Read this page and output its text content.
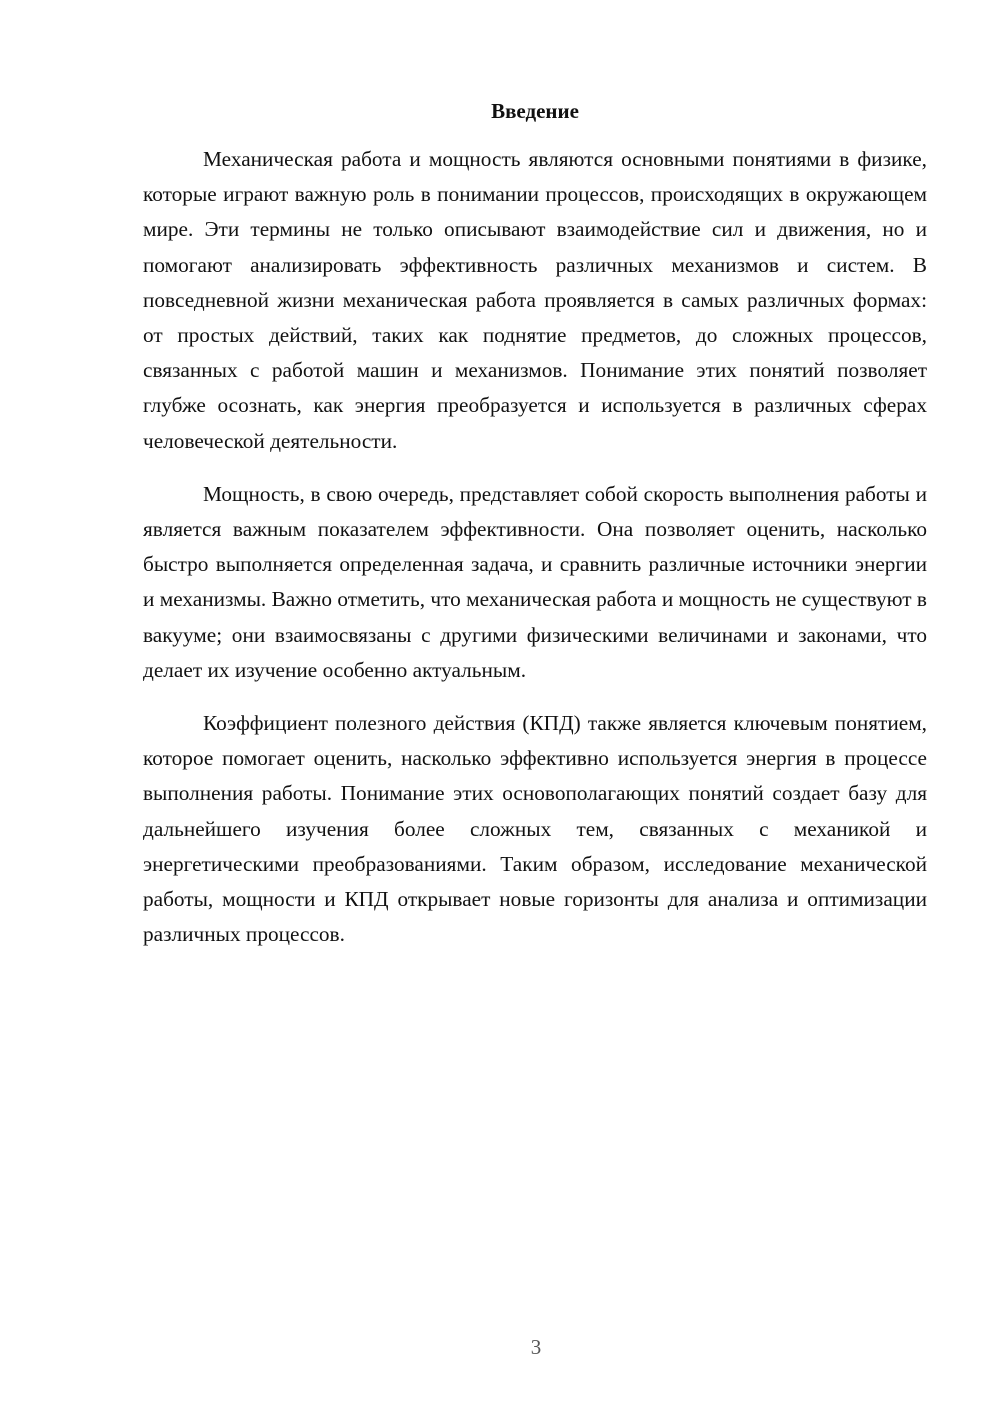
Введение

Механическая работа и мощность являются основными понятиями в физике, которые играют важную роль в понимании процессов, происходящих в окружающем мире. Эти термины не только описывают взаимодействие сил и движения, но и помогают анализировать эффективность различных механизмов и систем. В повседневной жизни механическая работа проявляется в самых различных формах: от простых действий, таких как поднятие предметов, до сложных процессов, связанных с работой машин и механизмов. Понимание этих понятий позволяет глубже осознать, как энергия преобразуется и используется в различных сферах человеческой деятельности.

Мощность, в свою очередь, представляет собой скорость выполнения работы и является важным показателем эффективности. Она позволяет оценить, насколько быстро выполняется определенная задача, и сравнить различные источники энергии и механизмы. Важно отметить, что механическая работа и мощность не существуют в вакууме; они взаимосвязаны с другими физическими величинами и законами, что делает их изучение особенно актуальным.

Коэффициент полезного действия (КПД) также является ключевым понятием, которое помогает оценить, насколько эффективно используется энергия в процессе выполнения работы. Понимание этих основополагающих понятий создает базу для дальнейшего изучения более сложных тем, связанных с механикой и энергетическими преобразованиями. Таким образом, исследование механической работы, мощности и КПД открывает новые горизонты для анализа и оптимизации различных процессов.

3
